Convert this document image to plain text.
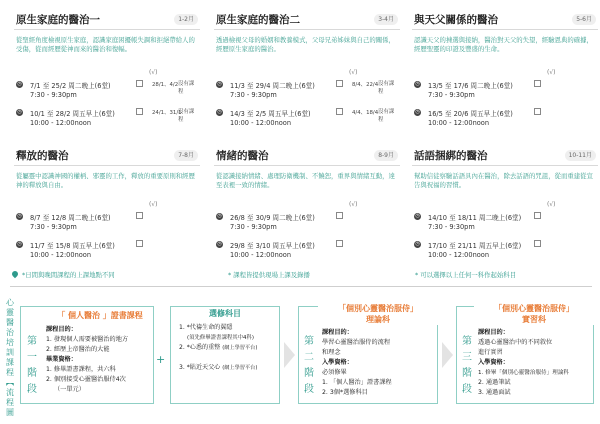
原生家庭的醫治一	1-2月
從聖經角度檢視原生家庭，認識家庭困擾帳失調和拒絕帶給人的受傷，從而經歷從神而來的醫治和復幅。
◷ 7/1 至 25/2 周二晚上(6堂)
7:30 - 9:30pm
(√)
28/1、4/2 沒有課程
◷ 10/1 至 28/2 周五早上(6堂)
10:00 - 12:00noon
24/1、31/1
沒有課程
原生家庭的醫治二	3-4月
透過檢視父母的婚姻和教養模式，父母兄弟姊妹與自己的關係，經歷原生家庭的醫治。
◷ 11/3 至 29/4 周二晚上(6堂)
7:30 - 9:30pm
(√)
8/4、22/4 沒有課程
◷ 14/3 至 2/5 周五早上(6堂)
10:00 - 12:00noon
4/4、18/4 沒有課程
與天父關係的醫治	5-6月
認識天父的揀選與接納，醫治對天父的失望，經驗恩典的確據，經歷聖靈的印證及豐盛的生命。
◷ 13/5 至 17/6 周二晚上(6堂)
7:30 - 9:30pm
(√)
◷ 16/5 至 20/6 周五早上(6堂)
10:00 - 12:00noon
釋放的醫治	7-8月
從屬靈中認識神國的權柄、邪靈的工作，釋放的重要原則和經歷神的釋放與自由。
◷ 8/7 至 12/8 周二晚上(6堂)
7:30 - 9:30pm
(√)
◷ 11/7 至 15/8 周五早上(6堂)
10:00 - 12:00noon
情緒的醫治	8-9月
從認識接納情緒、處理防衛機制、不饒恕，重界與情緒互動，達至表裡一致的情緒。
◷ 26/8 至 30/9 周二晚上(6堂)
7:30 - 9:30pm
(√)
◷ 29/8 至 3/10 周五早上(6堂)
10:00 - 12:00noon
話語捆綁的醫治	10-11月
幫助信徒察驗話語具內在醫治，除去話語的咒詛，從而重建從宣告與祝福的習慣。
◷ 14/10 至 18/11 周二晚上(6堂)
7:30 - 9:30pm
(√)
◷ 17/10 至 21/11 周五早上(6堂)
10:00 - 12:00noon
*日間與晚間課程的上課地點不同	* 課程皆提供現場上課及錄播	* 可以選擇以上任何一科作起始科目
心
靈
醫
治
培
訓
課
程
︻
流
程
圖
第
一
階
段
「 個人醫治 」證書課程
課程目的：
1. 發現個人需要被醫治的地方
2. 經歷上帝醫治的大能
畢業資格：
1. 修畢證書課程，共六科
2. 個別接受心靈醫治服侍4次
（一單元）
+
選修科目
1. *代禱生命的翼隱
(須先修畢證書課程其中4科)
2. *心悉的重整 (網上學習平台)

3. *貼近天父心 (網上學習平台)
第
二
階
段
「個別心靈醫治服侍」
理論科
課程目的：
學習心靈醫治服侍的流程
和理念
入學資格：
必須修畢
1. 「個人醫治」證書課程
2. 3個*選修科目
第
三
階
段
「個別心靈醫治服侍」
實習科
課程目的：
透過心靈醫治中的不同敘位
進行實習
入學資格：
1. 修畢「個別心靈醫治服侍」理論科
2. 通過筆試
3. 通過面試
